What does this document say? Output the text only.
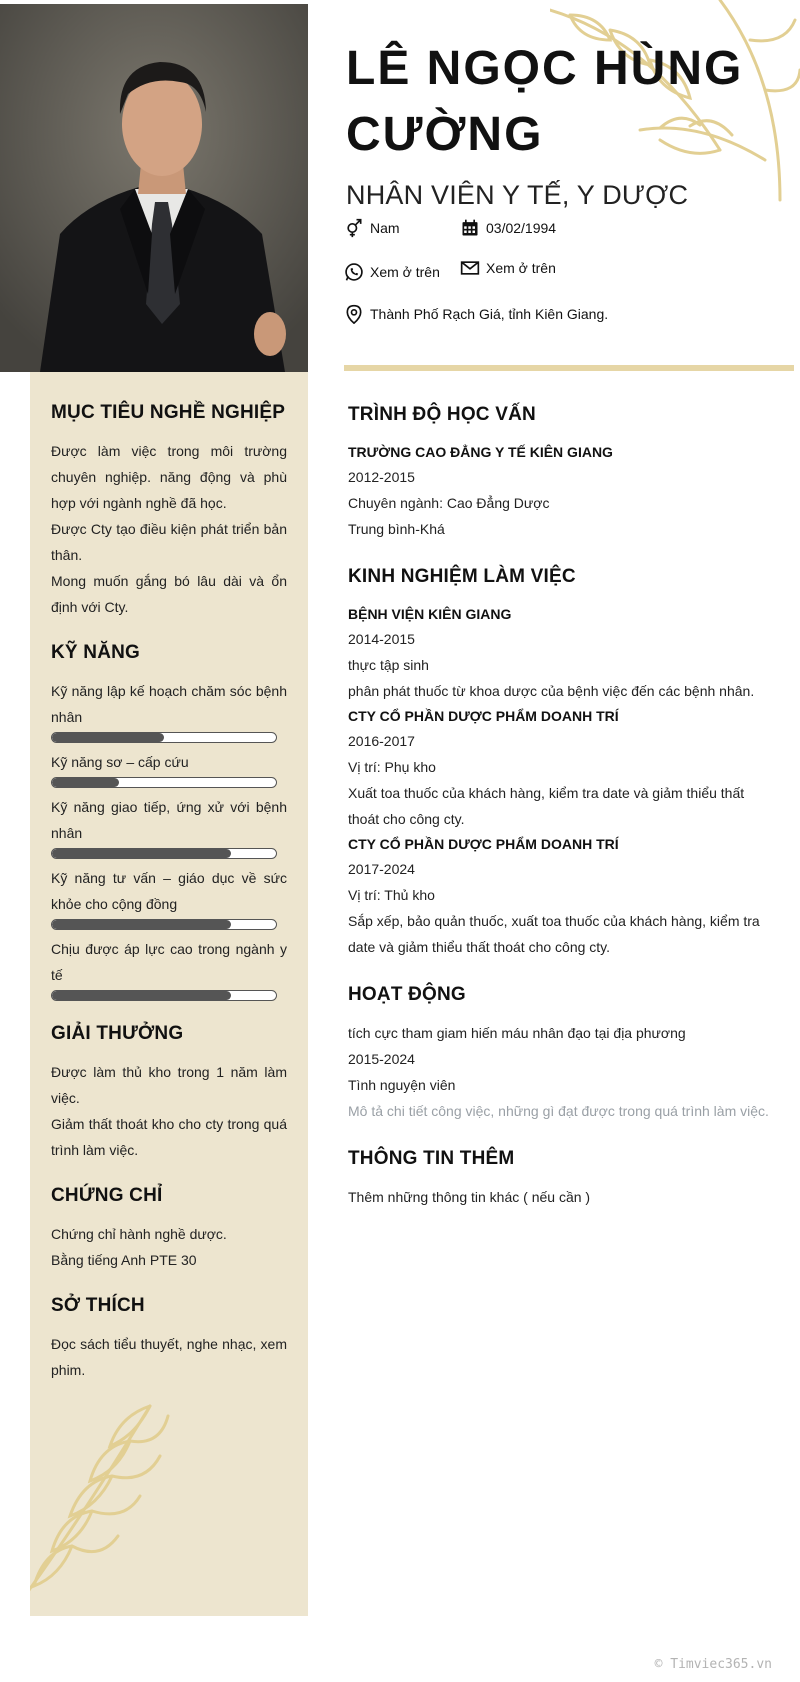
MỤC TIÊU NGHỀ NGHIỆP
Được làm việc trong môi trường chuyên nghiệp. năng động và phù hợp với ngành nghề đã học.
Được Cty tạo điều kiện phát triển bản thân.
Mong muốn gắng bó lâu dài và ổn định với Cty.
KỸ NĂNG
Kỹ năng lập kế hoạch chăm sóc bệnh nhân
Kỹ năng sơ – cấp cứu
Kỹ năng giao tiếp, ứng xử với bệnh nhân
Kỹ năng tư vấn – giáo dục về sức khỏe cho cộng đồng
Chịu được áp lực cao trong ngành y tế
GIẢI THƯỞNG
Được làm thủ kho trong 1 năm làm việc.
Giảm thất thoát kho cho cty trong quá trình làm việc.
CHỨNG CHỈ
Chứng chỉ hành nghề dược.
Bằng tiếng Anh PTE 30
SỞ THÍCH
Đọc sách tiểu thuyết, nghe nhạc, xem phim.
LÊ NGỌC HÙNG
CƯỜNG
NHÂN VIÊN Y TẾ, Y DƯỢC
Nam	03/02/1994
Xem ở trên	Xem ở trên
Thành Phố Rạch Giá, tỉnh Kiên Giang.
TRÌNH ĐỘ HỌC VẤN
TRƯỜNG CAO ĐẲNG Y TẾ KIÊN GIANG
2012-2015
Chuyên ngành: Cao Đẳng Dược
Trung bình-Khá
KINH NGHIỆM LÀM VIỆC
BỆNH VIỆN KIÊN GIANG
2014-2015
thực tập sinh
phân phát thuốc từ khoa dược của bệnh việc đến các bệnh nhân.
CTY CỔ PHẦN DƯỢC PHẨM DOANH TRÍ
2016-2017
Vị trí: Phụ kho
Xuất toa thuốc của khách hàng, kiểm tra date và giảm thiểu thất thoát cho công cty.
CTY CỔ PHẦN DƯỢC PHẨM DOANH TRÍ
2017-2024
Vị trí: Thủ kho
Sắp xếp, bảo quản thuốc, xuất toa thuốc của khách hàng, kiểm tra date và giảm thiểu thất thoát cho công cty.
HOẠT ĐỘNG
tích cực tham giam hiến máu nhân đạo tại địa phương
2015-2024
Tình nguyện viên
Mô tả chi tiết công việc, những gì đạt được trong quá trình làm việc.
THÔNG TIN THÊM
Thêm những thông tin khác ( nếu cần )
© Timviec365.vn
